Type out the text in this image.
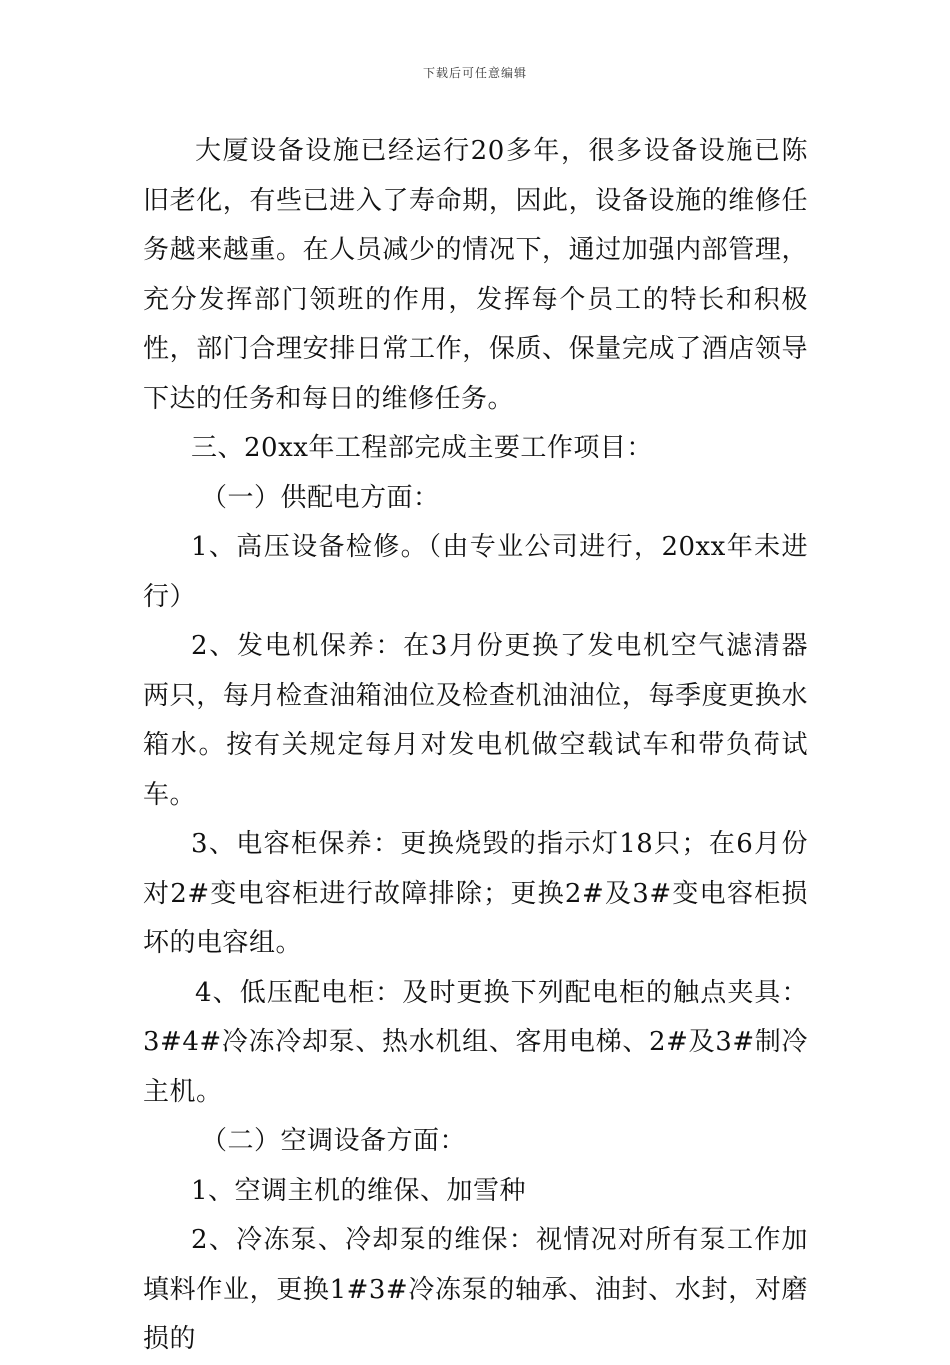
下载后可任意编辑

大厦设备设施已经运行20多年，很多设备设施已陈旧老化，有些已进入了寿命期，因此，设备设施的维修任务越来越重。在人员减少的情况下，通过加强内部管理，充分发挥部门领班的作用，发挥每个员工的特长和积极性，部门合理安排日常工作，保质、保量完成了酒店领导下达的任务和每日的维修任务。

三、20xx年工程部完成主要工作项目：

（一）供配电方面：

1、高压设备检修。（由专业公司进行，20xx年未进行）

2、发电机保养：在3月份更换了发电机空气滤清器两只，每月检查油箱油位及检查机油油位，每季度更换水箱水。按有关规定每月对发电机做空载试车和带负荷试车。

3、电容柜保养：更换烧毁的指示灯18只；在6月份对2#变电容柜进行故障排除；更换2#及3#变电容柜损坏的电容组。

4、低压配电柜：及时更换下列配电柜的触点夹具：3#4#冷冻冷却泵、热水机组、客用电梯、2#及3#制冷主机。

（二）空调设备方面：

1、空调主机的维保、加雪种

2、冷冻泵、冷却泵的维保：视情况对所有泵工作加填料作业，更换1#3#冷冻泵的轴承、油封、水封，对磨损的
